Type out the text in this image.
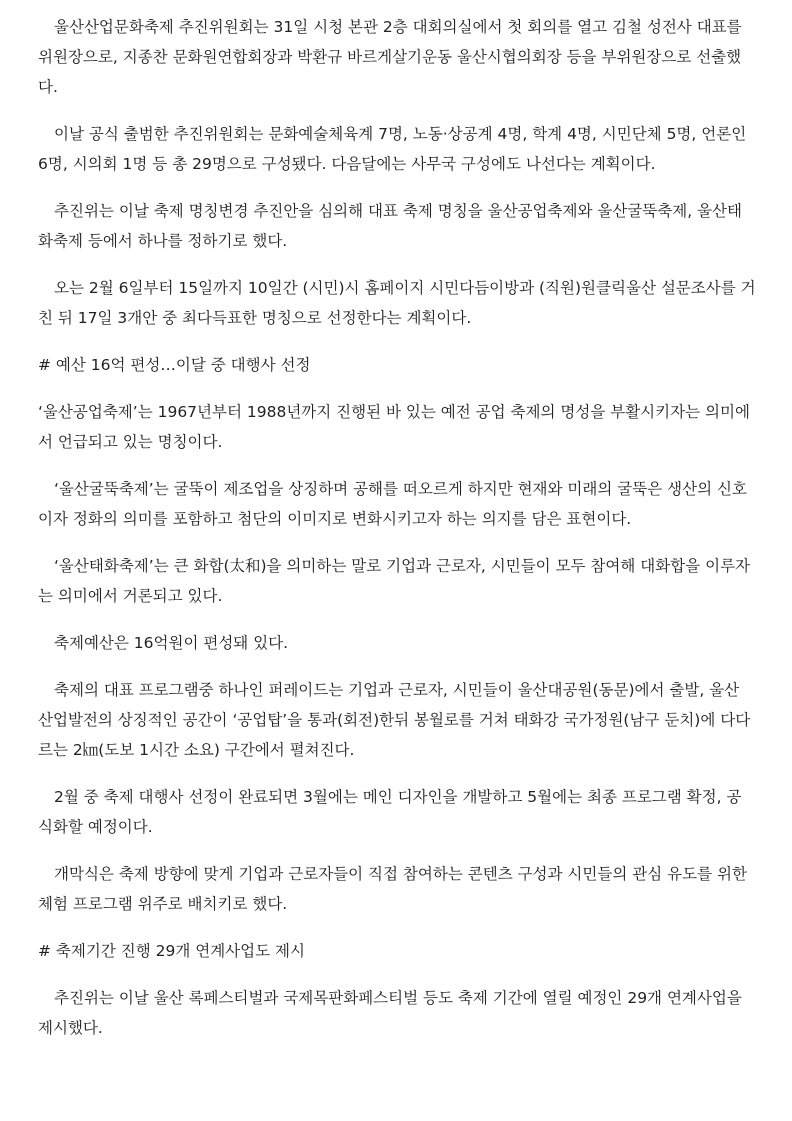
울산산업문화축제 추진위원회는 31일 시청 본관 2층 대회의실에서 첫 회의를 열고 김철 성전사 대표를 위원장으로, 지종찬 문화원연합회장과 박환규 바르게살기운동 울산시협의회장 등을 부위원장으로 선출했다.

이날 공식 출범한 추진위원회는 문화예술체육계 7명, 노동·상공계 4명, 학계 4명, 시민단체 5명, 언론인 6명, 시의회 1명 등 총 29명으로 구성됐다. 다음달에는 사무국 구성에도 나선다는 계획이다.

추진위는 이날 축제 명칭변경 추진안을 심의해 대표 축제 명칭을 울산공업축제와 울산굴뚝축제, 울산태화축제 등에서 하나를 정하기로 했다.

오는 2월 6일부터 15일까지 10일간 (시민)시 홈페이지 시민다듬이방과 (직원)원클릭울산 설문조사를 거친 뒤 17일 3개안 중 최다득표한 명칭으로 선정한다는 계획이다.

# 예산 16억 편성…이달 중 대행사 선정

‘울산공업축제’는 1967년부터 1988년까지 진행된 바 있는 예전 공업 축제의 명성을 부활시키자는 의미에서 언급되고 있는 명칭이다.

‘울산굴뚝축제’는 굴뚝이 제조업을 상징하며 공해를 떠오르게 하지만 현재와 미래의 굴뚝은 생산의 신호이자 정화의 의미를 포함하고 첨단의 이미지로 변화시키고자 하는 의지를 담은 표현이다.

‘울산태화축제’는 큰 화합(太和)을 의미하는 말로 기업과 근로자, 시민들이 모두 참여해 대화합을 이루자는 의미에서 거론되고 있다.

축제예산은 16억원이 편성돼 있다.

축제의 대표 프로그램중 하나인 퍼레이드는 기업과 근로자, 시민들이 울산대공원(동문)에서 출발, 울산 산업발전의 상징적인 공간이 ‘공업탑’을 통과(회전)한뒤 봉월로를 거쳐 태화강 국가정원(남구 둔치)에 다다르는 2㎞(도보 1시간 소요) 구간에서 펼쳐진다.

2월 중 축제 대행사 선정이 완료되면 3월에는 메인 디자인을 개발하고 5월에는 최종 프로그램 확정, 공식화할 예정이다.

개막식은 축제 방향에 맞게 기업과 근로자들이 직접 참여하는 콘텐츠 구성과 시민들의 관심 유도를 위한 체험 프로그램 위주로 배치키로 했다.

# 축제기간 진행 29개 연계사업도 제시

추진위는 이날 울산 록페스티벌과 국제목판화페스티벌 등도 축제 기간에 열릴 예정인 29개 연계사업을 제시했다.
